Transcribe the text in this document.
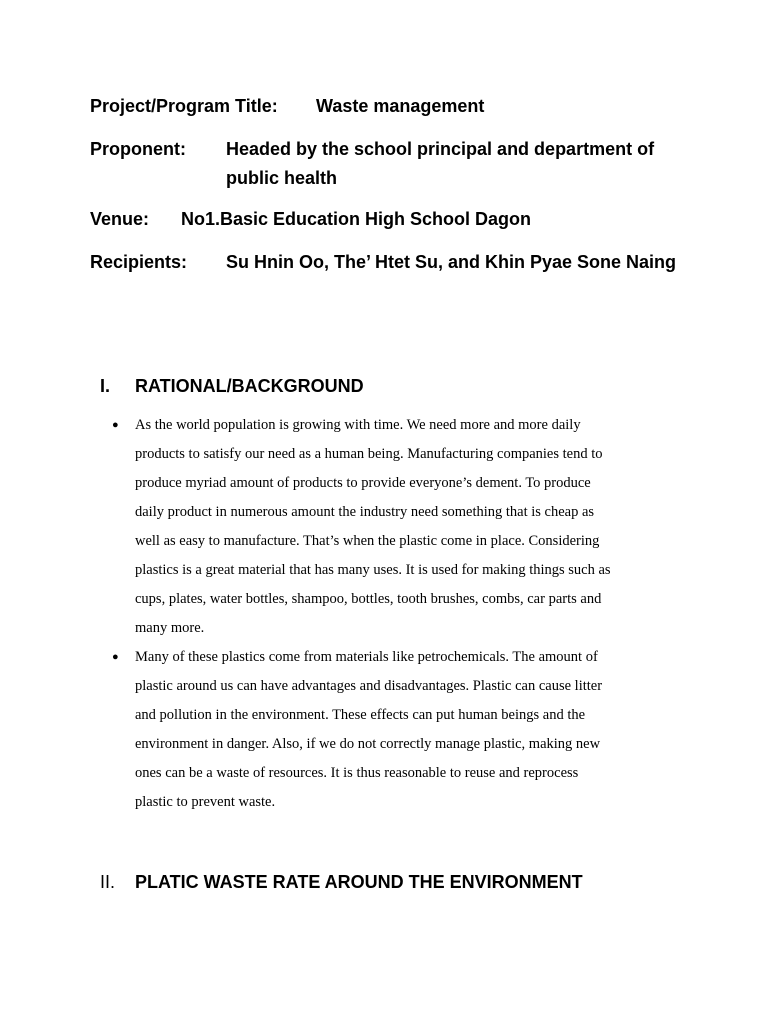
Project/Program Title: Waste management
Proponent: Headed by the school principal and department of
public health
Venue: No1.Basic Education High School Dagon
Recipients: Su Hnin Oo, The’ Htet Su, and Khin Pyae Sone Naing
I. RATIONAL/BACKGROUND
● As the world population is growing with time. We need more and more daily
products to satisfy our need as a human being. Manufacturing companies tend to
produce myriad amount of products to provide everyone’s dement. To produce
daily product in numerous amount the industry need something that is cheap as
well as easy to manufacture. That’s when the plastic come in place. Considering
plastics is a great material that has many uses. It is used for making things such as
cups, plates, water bottles, shampoo, bottles, tooth brushes, combs, car parts and
many more.
● Many of these plastics come from materials like petrochemicals. The amount of
plastic around us can have advantages and disadvantages. Plastic can cause litter
and pollution in the environment. These effects can put human beings and the
environment in danger. Also, if we do not correctly manage plastic, making new
ones can be a waste of resources. It is thus reasonable to reuse and reprocess
plastic to prevent waste.
II. PLATIC WASTE RATE AROUND THE ENVIRONMENT
